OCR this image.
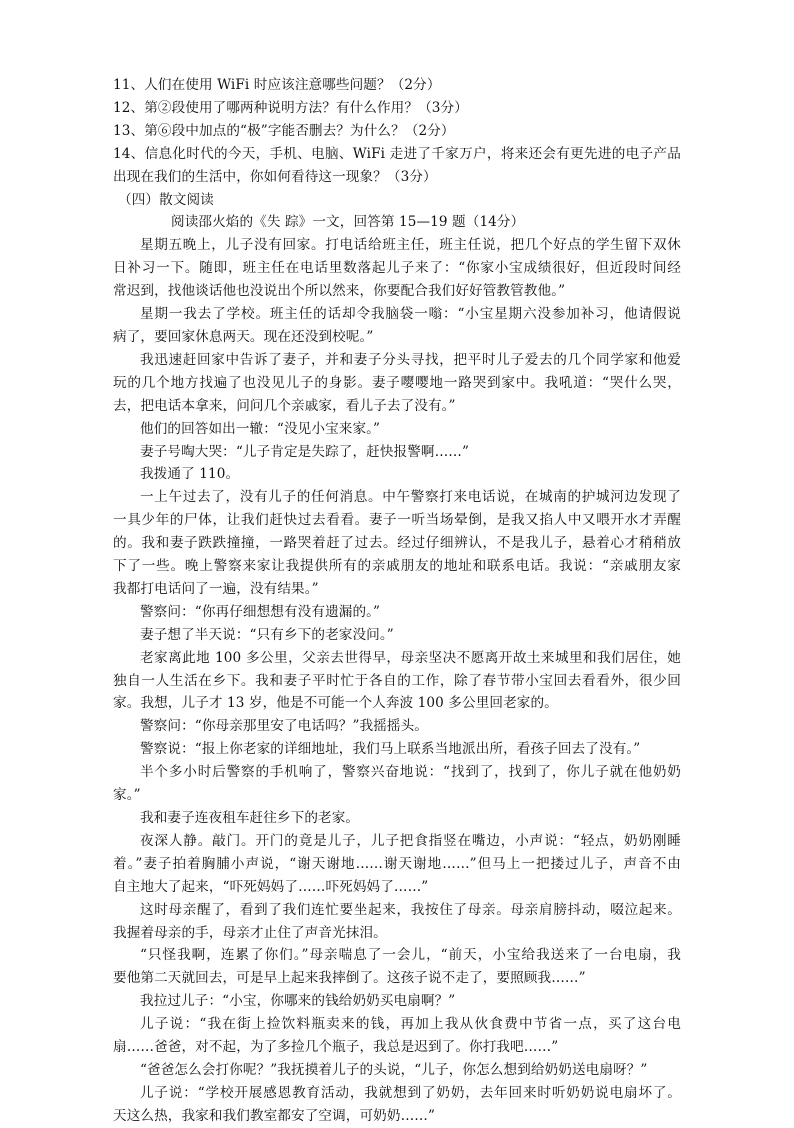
11、人们在使用 WiFi 时应该注意哪些问题？（2分）
12、第②段使用了哪两种说明方法？有什么作用？（3分）
13、第⑥段中加点的“极”字能否删去？为什么？（2分）
14、信息化时代的今天，手机、电脑、WiFi 走进了千家万户，将来还会有更先进的电子产品
出现在我们的生活中，你如何看待这一现象？（3分）
（四）散文阅读
阅读邵火焰的《失 踪》一文，回答第 15—19 题（14分）
星期五晚上，儿子没有回家。打电话给班主任，班主任说，把几个好点的学生留下双休
日补习一下。随即，班主任在电话里数落起儿子来了：“你家小宝成绩很好，但近段时间经
常迟到，找他谈话他也没说出个所以然来，你要配合我们好好管教管教他。”
星期一我去了学校。班主任的话却令我脑袋一嗡：“小宝星期六没参加补习，他请假说
病了，要回家休息两天。现在还没到校呢。”
我迅速赶回家中告诉了妻子，并和妻子分头寻找，把平时儿子爱去的几个同学家和他爱
玩的几个地方找遍了也没见儿子的身影。妻子嘤嘤地一路哭到家中。我吼道：“哭什么哭，
去，把电话本拿来，问问几个亲戚家，看儿子去了没有。”
他们的回答如出一辙：“没见小宝来家。”
妻子号啕大哭：“儿子肯定是失踪了，赶快报警啊……”
我拨通了 110。
一上午过去了，没有儿子的任何消息。中午警察打来电话说，在城南的护城河边发现了
一具少年的尸体，让我们赶快过去看看。妻子一听当场晕倒，是我又掐人中又喂开水才弄醒
的。我和妻子跌跌撞撞，一路哭着赶了过去。经过仔细辨认，不是我儿子，悬着心才稍稍放
下了一些。晚上警察来家让我提供所有的亲戚朋友的地址和联系电话。我说：“亲戚朋友家
我都打电话问了一遍，没有结果。”
警察问：“你再仔细想想有没有遗漏的。”
妻子想了半天说：“只有乡下的老家没问。”
老家离此地 100 多公里，父亲去世得早，母亲坚决不愿离开故土来城里和我们居住，她
独自一人生活在乡下。我和妻子平时忙于各自的工作，除了春节带小宝回去看看外，很少回
家。我想，儿子才 13 岁，他是不可能一个人奔波 100 多公里回老家的。
警察问：“你母亲那里安了电话吗？”我摇摇头。
警察说：“报上你老家的详细地址，我们马上联系当地派出所，看孩子回去了没有。”
半个多小时后警察的手机响了，警察兴奋地说：“找到了，找到了，你儿子就在他奶奶
家。”
我和妻子连夜租车赶往乡下的老家。
夜深人静。敲门。开门的竟是儿子，儿子把食指竖在嘴边，小声说：“轻点，奶奶刚睡
着。”妻子拍着胸脯小声说，“谢天谢地……谢天谢地……”但马上一把搂过儿子，声音不由
自主地大了起来，“吓死妈妈了……吓死妈妈了……”
这时母亲醒了，看到了我们连忙要坐起来，我按住了母亲。母亲肩膀抖动，啜泣起来。
我握着母亲的手，母亲才止住了声音光抹泪。
“只怪我啊，连累了你们。”母亲喘息了一会儿，“前天，小宝给我送来了一台电扇，我
要他第二天就回去，可是早上起来我摔倒了。这孩子说不走了，要照顾我……”
我拉过儿子：“小宝，你哪来的钱给奶奶买电扇啊？”
儿子说：“我在街上捡饮料瓶卖来的钱，再加上我从伙食费中节省一点，买了这台电
扇……爸爸，对不起，为了多捡几个瓶子，我总是迟到了。你打我吧……”
“爸爸怎么会打你呢？”我抚摸着儿子的头说，“儿子，你怎么想到给奶奶送电扇呀？”
儿子说：“学校开展感恩教育活动，我就想到了奶奶，去年回来时听奶奶说电扇坏了。
天这么热，我家和我们教室都安了空调，可奶奶……”
